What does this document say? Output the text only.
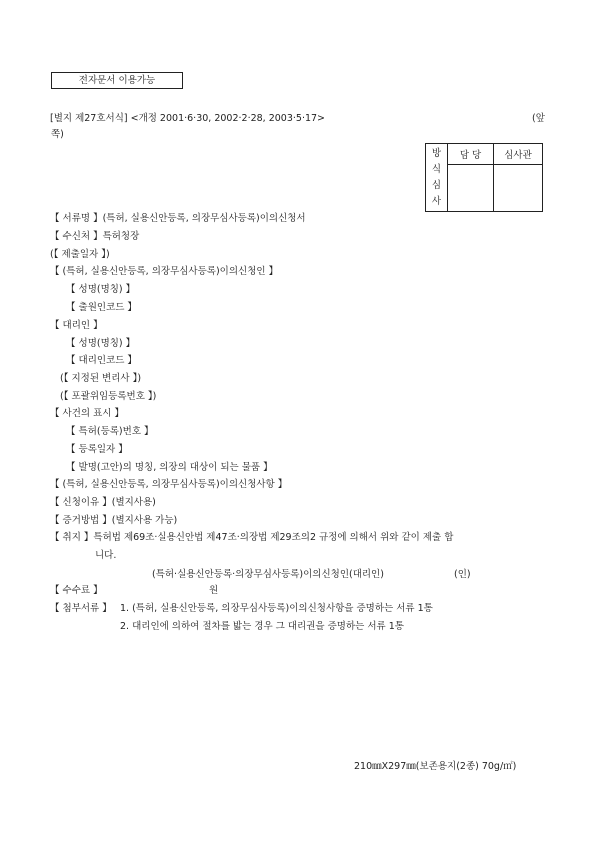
전자문서 이용가능
[별지 제27호서식] <개정 2001·6·30, 2002·2·28, 2003·5·17>	(앞
쪽)
방
식
심
사	담 당	심사관

【 서류명 】(특허, 실용신안등록, 의장무심사등록)이의신청서
【 수신처 】특허청장
(【 제출일자 】)
【 (특허, 실용신안등록, 의장무심사등록)이의신청인 】
【 성명(명칭) 】
【 출원인코드 】
【 대리인 】
【 성명(명칭) 】
【 대리인코드 】
(【 지정된 변리사 】)
(【 포괄위임등록번호 】)
【 사건의 표시 】
【 특허(등록)번호 】
【 등록일자 】
【 발명(고안)의 명칭, 의장의 대상이 되는 물품 】
【 (특허, 실용신안등록, 의장무심사등록)이의신청사항 】
【 신청이유 】(별지사용)
【 증거방법 】(별지사용 가능)
【 취지 】특허법 제69조·실용신안법 제47조·의장법 제29조의2 규정에 의해서 위와 같이 제출 합
니다.
(특허·실용신안등록·의장무심사등록)이의신청인(대리인)	(인)
【 수수료 】	원
【 첨부서류 】 1. (특허, 실용신안등록, 의장무심사등록)이의신청사항을 증명하는 서류 1통
2. 대리인에 의하여 절차를 밟는 경우 그 대리권을 증명하는 서류 1통
210㎜X297㎜(보존용지(2종) 70g/㎡)
